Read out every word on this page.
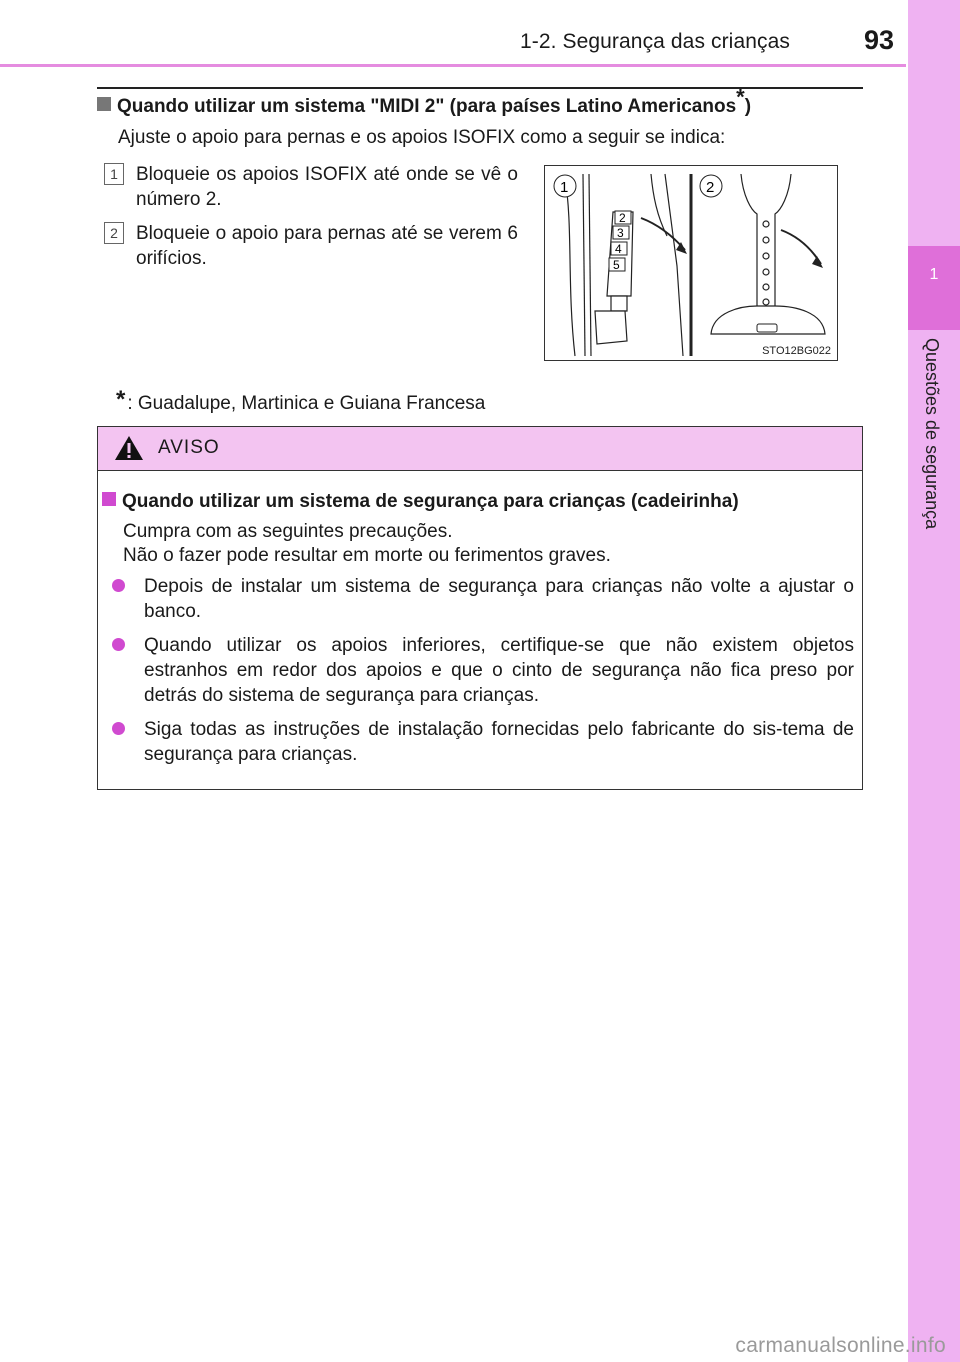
1-2. Segurança das crianças	93
1
Questões de segurança
Quando utilizar um sistema "MIDI 2" (para países Latino Americanos*)
Ajuste o apoio para pernas e os apoios ISOFIX como a seguir se indica:
1 Bloqueie os apoios ISOFIX até onde se vê o número 2.
2 Bloqueie o apoio para pernas até se verem 6 orifícios.
2
3
4
5
1	2
STO12BG022
* : Guadalupe, Martinica e Guiana Francesa
AVISO
Quando utilizar um sistema de segurança para crianças (cadeirinha)
Cumpra com as seguintes precauções.
Não o fazer pode resultar em morte ou ferimentos graves.
Depois de instalar um sistema de segurança para crianças não volte a ajustar o banco.
Quando utilizar os apoios inferiores, certifique-se que não existem objetos estranhos em redor dos apoios e que o cinto de segurança não fica preso por detrás do sistema de segurança para crianças.
Siga todas as instruções de instalação fornecidas pelo fabricante do sis-tema de segurança para crianças.
carmanualsonline.info
